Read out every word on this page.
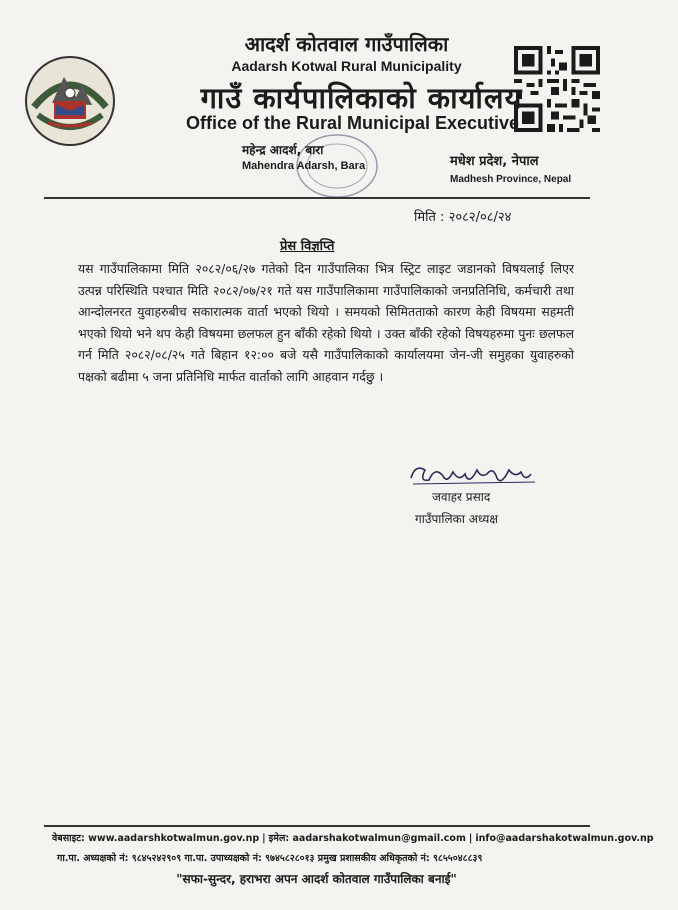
आदर्श कोतवाल गाउँपालिका
Aadarsh Kotwal Rural Municipality
गाउँ कार्यपालिकाको कार्यालय
Office of the Rural Municipal Executive
महेन्द्र आदर्श, बारा
Mahendra Adarsh, Bara	मधेश प्रदेश, नेपाल
Madhesh Province, Nepal
मिति : २०८२/०८/२४
प्रेस विज्ञप्ति
यस गाउँपालिकामा मिति २०८२/०६/२७ गतेको दिन गाउँपालिका भित्र स्ट्रिट लाइट जडानको विषयलाई लिएर उत्पन्न परिस्थिति पश्चात मिति २०८२/०७/२१ गते यस गाउँपालिकामा गाउँपालिकाको जनप्रतिनिधि, कर्मचारी तथा आन्दोलनरत युवाहरुबीच सकारात्मक वार्ता भएको थियो । समयको सिमितताको कारण केही विषयमा सहमती भएको थियो भने थप केही विषयमा छलफल हुन बाँकी रहेको थियो । उक्त बाँकी रहेको विषयहरुमा पुनः छलफल गर्न मिति २०८२/०८/२५ गते बिहान १२:०० बजे यसै गाउँपालिकाको कार्यालयमा जेन-जी समुहका युवाहरुको पक्षको बढीमा ५ जना प्रतिनिधि मार्फत वार्ताको लागि आहवान गर्दछु ।
जवाहर प्रसाद
गाउँपालिका अध्यक्ष
वेबसाइट: www.aadarshkotwalmun.gov.np | इमेल: aadarshakotwalmun@gmail.com | info@aadarshakotwalmun.gov.np
गा.पा. अध्यक्षको नं: ९८४५२४२९०९ गा.पा. उपाध्यक्षको नं: ९७४५८२८०१३ प्रमुख प्रशासकीय अधिकृतको नं: ९८५५०४८८३९
"सफा-सुन्दर, हराभरा अपन आदर्श कोतवाल गाउँपालिका बनाई"
